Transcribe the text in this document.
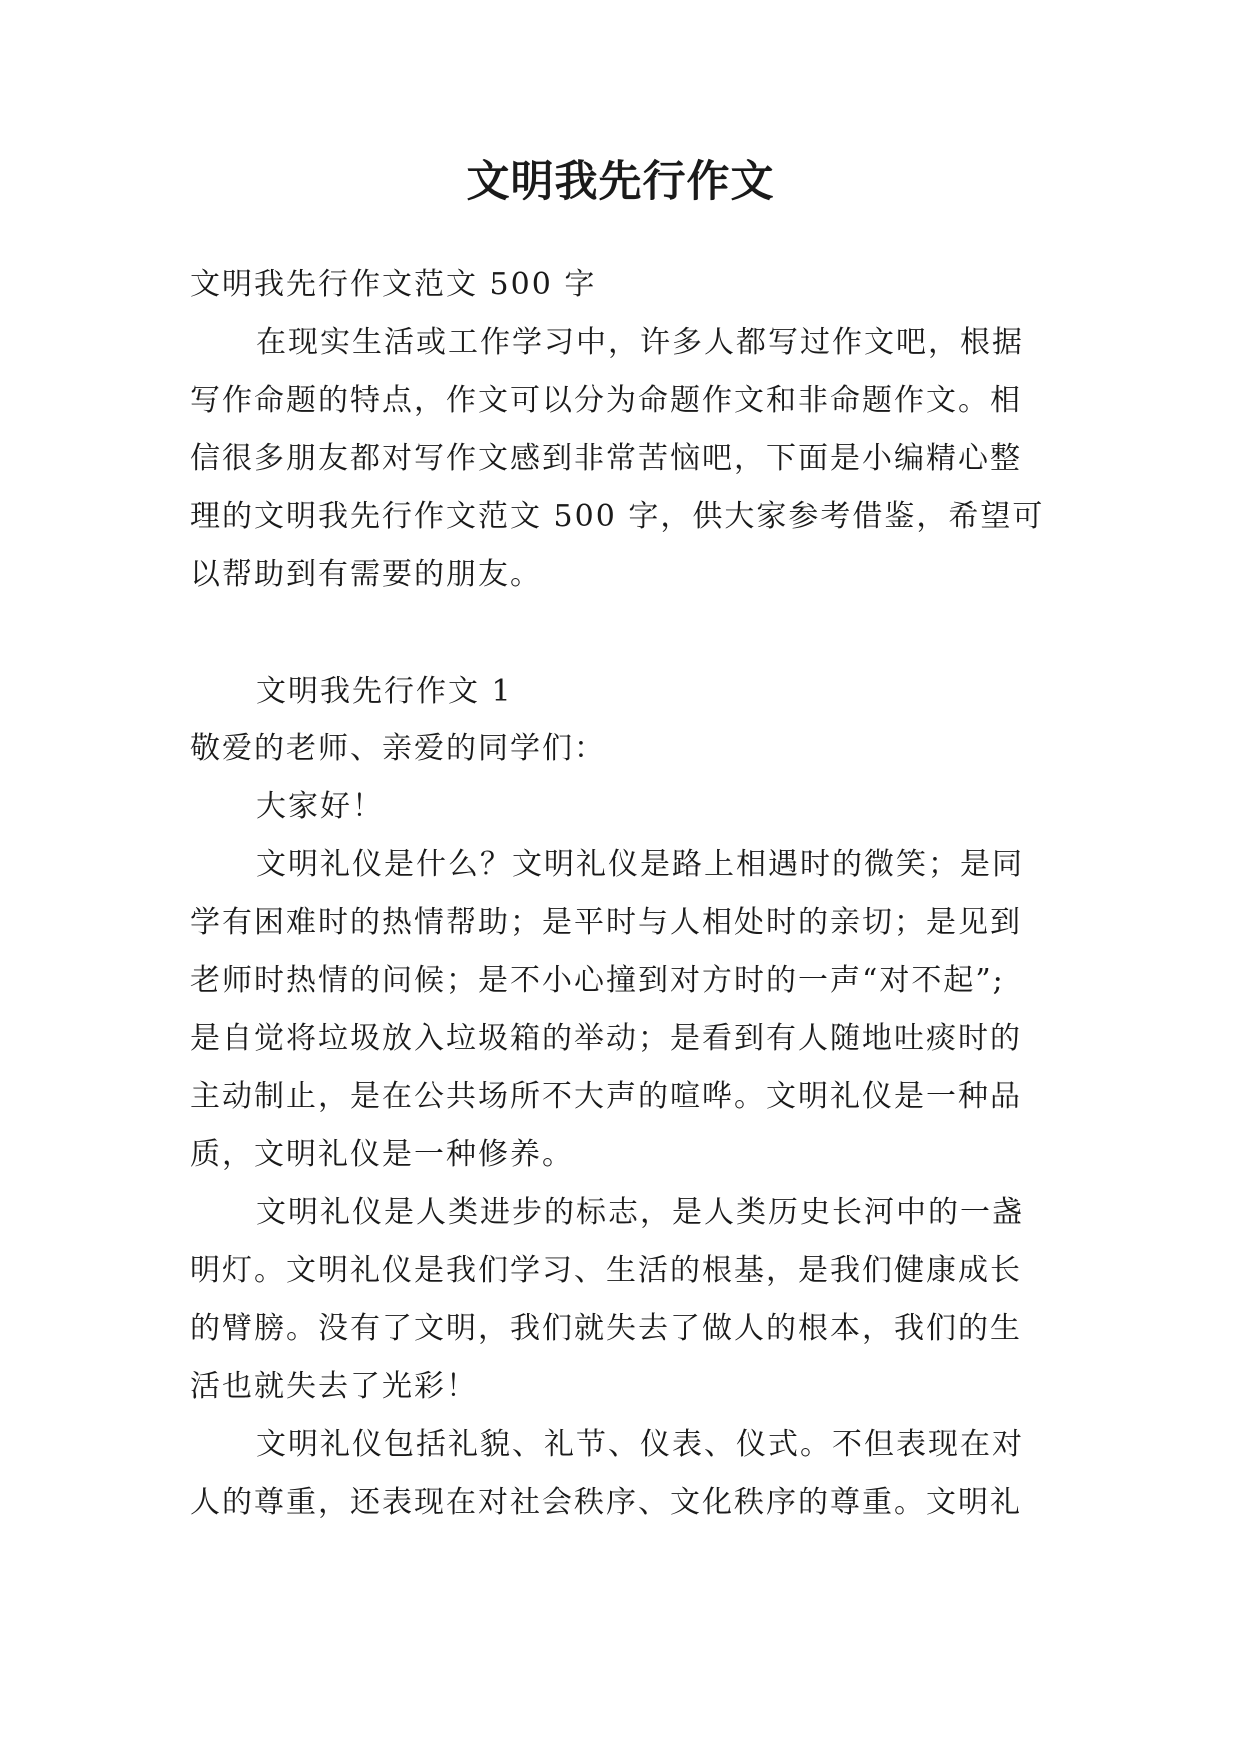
文明我先行作文
文明我先行作文范文 500 字
在现实生活或工作学习中，许多人都写过作文吧，根据
写作命题的特点，作文可以分为命题作文和非命题作文。相
信很多朋友都对写作文感到非常苦恼吧，下面是小编精心整
理的文明我先行作文范文 500 字，供大家参考借鉴，希望可
以帮助到有需要的朋友。
文明我先行作文 1
敬爱的老师、亲爱的同学们：
大家好！
文明礼仪是什么？文明礼仪是路上相遇时的微笑；是同
学有困难时的热情帮助；是平时与人相处时的亲切；是见到
老师时热情的问候；是不小心撞到对方时的一声“对不起”;
是自觉将垃圾放入垃圾箱的举动；是看到有人随地吐痰时的
主动制止，是在公共场所不大声的喧哗。文明礼仪是一种品
质，文明礼仪是一种修养。
文明礼仪是人类进步的标志，是人类历史长河中的一盏
明灯。文明礼仪是我们学习、生活的根基，是我们健康成长
的臂膀。没有了文明，我们就失去了做人的根本，我们的生
活也就失去了光彩！
文明礼仪包括礼貌、礼节、仪表、仪式。不但表现在对
人的尊重，还表现在对社会秩序、文化秩序的尊重。文明礼
